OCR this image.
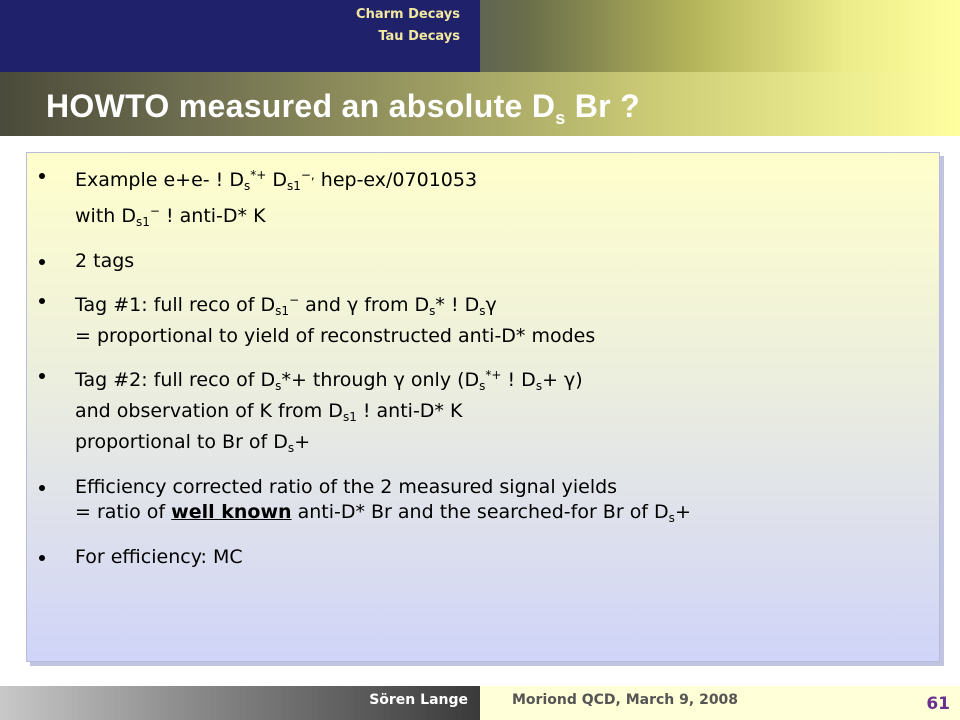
Charm Decays
Tau Decays
HOWTO measured an absolute $D_s$ Br ?
Example e+e- ! $D_s^{*+}$ $D_{s1}^{-,}$ hep-ex/0701053
with $D_{s1}^-$ ! anti-D* K
2 tags
Tag #1: full reco of $D_{s1}^-$ and γ from $D_s*$ ! $D_s\gamma$
= proportional to yield of reconstructed anti-D* modes
Tag #2: full reco of $D_s*+$ through γ only ($D_s^{*+}$ ! $D_s+ \gamma$)
and observation of K from $D_{s1}$ ! anti-D* K
proportional to Br of $D_s+$
Efficiency corrected ratio of the 2 measured signal yields
= ratio of well known anti-D* Br and the searched-for Br of $D_s+$
For efficiency: MC
Sören Lange	Moriond QCD, March 9, 2008	61
